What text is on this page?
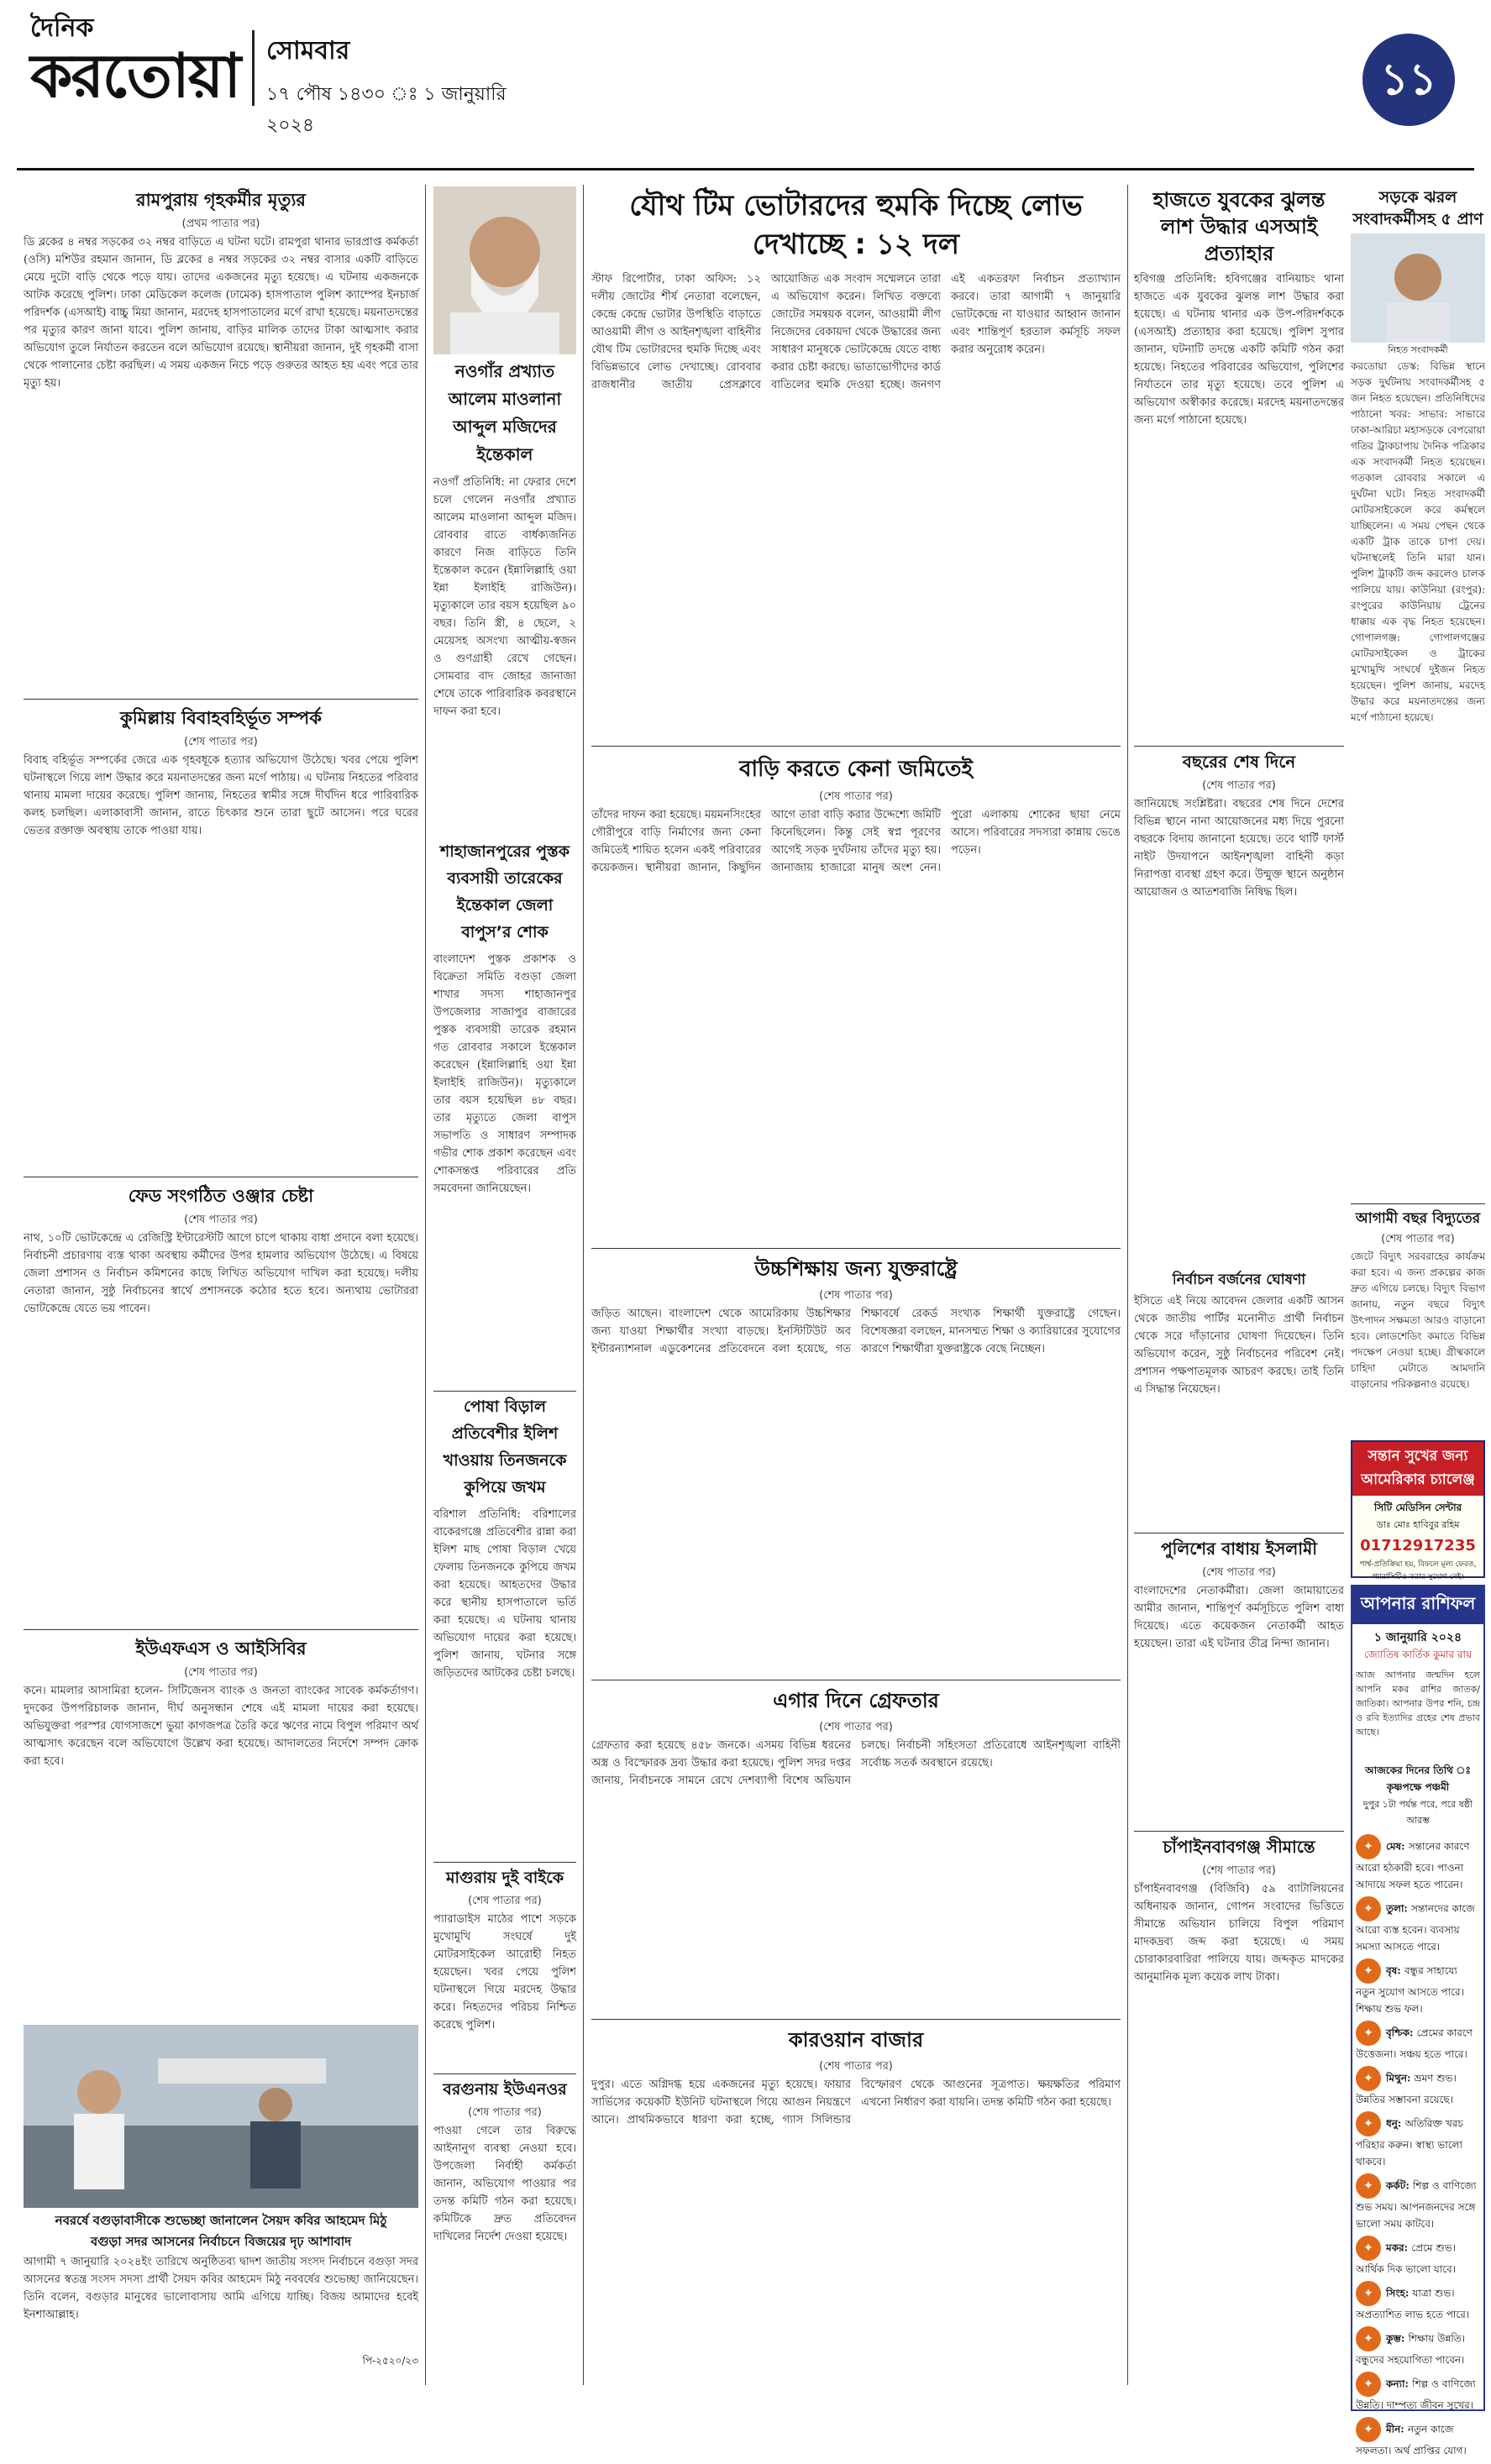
দৈনিক
করতোয়া সোমবার
১৭ পৌষ ১৪৩০ ঃ ১ জানুয়ারি ২০২৪
১১
রামপুরায় গৃহকর্মীর মৃত্যুর
(প্রথম পাতার পর)
ডি ব্লকের ৪ নম্বর সড়কের ৩২ নম্বর বাড়িতে এ ঘটনা ঘটে। রামপুরা থানার ভারপ্রাপ্ত কর্মকর্তা (ওসি) মশিউর রহমান জানান, ডি ব্লকের ৪ নম্বর সড়কের ৩২ নম্বর বাসার একটি বাড়িতে মেয়ে দুটো বাড়ি থেকে পড়ে যায়। তাদের একজনের মৃত্যু হয়েছে। এ ঘটনায় একজনকে আটক করেছে পুলিশ। ঢাকা মেডিকেল কলেজ (ঢামেক) হাসপাতাল পুলিশ ক্যাম্পের ইনচার্জ পরিদর্শক (এসআই) বাচ্চু মিয়া জানান, মরদেহ হাসপাতালের মর্গে রাখা হয়েছে। ময়নাতদন্তের পর মৃত্যুর কারণ জানা যাবে। পুলিশ জানায়, বাড়ির মালিক তাদের টাকা আত্মসাৎ করার অভিযোগ তুলে নির্যাতন করতেন বলে অভিযোগ রয়েছে। স্থানীয়রা জানান, দুই গৃহকর্মী বাসা থেকে পালানোর চেষ্টা করছিল। এ সময় একজন নিচে পড়ে গুরুতর আহত হয় এবং পরে তার মৃত্যু হয়।
কুমিল্লায় বিবাহবহির্ভূত সম্পর্ক
(শেষ পাতার পর)
বিবাহ বহির্ভূত সম্পর্কের জেরে এক গৃহবধূকে হত্যার অভিযোগ উঠেছে। খবর পেয়ে পুলিশ ঘটনাস্থলে গিয়ে লাশ উদ্ধার করে ময়নাতদন্তের জন্য মর্গে পাঠায়। এ ঘটনায় নিহতের পরিবার থানায় মামলা দায়ের করেছে। পুলিশ জানায়, নিহতের স্বামীর সঙ্গে দীর্ঘদিন ধরে পারিবারিক কলহ চলছিল। এলাকাবাসী জানান, রাতে চিৎকার শুনে তারা ছুটে আসেন। পরে ঘরের ভেতর রক্তাক্ত অবস্থায় তাকে পাওয়া যায়।
ফেড সংগঠিত ওঞ্জার চেষ্টা
(শেষ পাতার পর)
নাথ, ১০টি ভোটকেন্দ্রে এ রেজিস্ট্রি ইন্টারেস্টটি আগে চাপে থাকায় বাধা প্রদানে বলা হয়েছে। নির্বাচনী প্রচারণায় ব্যস্ত থাকা অবস্থায় কর্মীদের উপর হামলার অভিযোগ উঠেছে। এ বিষয়ে জেলা প্রশাসন ও নির্বাচন কমিশনের কাছে লিখিত অভিযোগ দাখিল করা হয়েছে। দলীয় নেতারা জানান, সুষ্ঠু নির্বাচনের স্বার্থে প্রশাসনকে কঠোর হতে হবে। অন্যথায় ভোটাররা ভোটকেন্দ্রে যেতে ভয় পাবেন।
ইউএফএস ও আইসিবির
(শেষ পাতার পর)
কনে। মামলার আসামিরা হলেন- সিটিজেনস ব্যাংক ও জনতা ব্যাংকের সাবেক কর্মকর্তাগণ। দুদকের উপপরিচালক জানান, দীর্ঘ অনুসন্ধান শেষে এই মামলা দায়ের করা হয়েছে। অভিযুক্তরা পরস্পর যোগসাজশে ভুয়া কাগজপত্র তৈরি করে ঋণের নামে বিপুল পরিমাণ অর্থ আত্মসাৎ করেছেন বলে অভিযোগে উল্লেখ করা হয়েছে। আদালতের নির্দেশে সম্পদ ক্রোক করা হবে।
নবরর্ষে বগুড়াবাসীকে শুভেচ্ছা জানালেন সৈয়দ কবির আহমেদ মিঠু
বগুড়া সদর আসনের নির্বাচনে বিজয়ের দৃঢ় আশাবাদ
আগামী ৭ জানুয়ারি ২০২৪ইং তারিখে অনুষ্ঠিতব্য দ্বাদশ জাতীয় সংসদ নির্বাচনে বগুড়া সদর আসনের স্বতন্ত্র সংসদ সদস্য প্রার্থী সৈয়দ কবির আহমেদ মিঠু নববর্ষের শুভেচ্ছা জানিয়েছেন। তিনি বলেন, বগুড়ার মানুষের ভালোবাসায় আমি এগিয়ে যাচ্ছি। বিজয় আমাদের হবেই ইনশাআল্লাহ।
পি-২৫২০/২৩
নওগাঁর প্রখ্যাত আলেম মাওলানা আব্দুল মজিদের ইন্তেকাল
নওগাঁ প্রতিনিধি: না ফেরার দেশে চলে গেলেন নওগাঁর প্রখ্যাত আলেম মাওলানা আব্দুল মজিদ। রোববার রাতে বার্ধক্যজনিত কারণে নিজ বাড়িতে তিনি ইন্তেকাল করেন (ইন্নালিল্লাহি ওয়া ইন্না ইলাইহি রাজিউন)। মৃত্যুকালে তার বয়স হয়েছিল ৯০ বছর। তিনি স্ত্রী, ৪ ছেলে, ২ মেয়েসহ অসংখ্য আত্মীয়-স্বজন ও গুণগ্রাহী রেখে গেছেন। সোমবার বাদ জোহর জানাজা শেষে তাকে পারিবারিক কবরস্থানে দাফন করা হবে।
শাহাজানপুরের পুস্তক ব্যবসায়ী তারেকের ইন্তেকাল জেলা বাপুস’র শোক
বাংলাদেশ পুস্তক প্রকাশক ও বিক্রেতা সমিতি বগুড়া জেলা শাখার সদস্য শাহাজানপুর উপজেলার সাজাপুর বাজারের পুস্তক ব্যবসায়ী তারেক রহমান গত রোববার সকালে ইন্তেকাল করেছেন (ইন্নালিল্লাহি ওয়া ইন্না ইলাইহি রাজিউন)। মৃত্যুকালে তার বয়স হয়েছিল ৪৮ বছর। তার মৃত্যুতে জেলা বাপুস সভাপতি ও সাধারণ সম্পাদক গভীর শোক প্রকাশ করেছেন এবং শোকসন্তপ্ত পরিবারের প্রতি সমবেদনা জানিয়েছেন।
পোষা বিড়াল প্রতিবেশীর ইলিশ খাওয়ায় তিনজনকে কুপিয়ে জখম
বরিশাল প্রতিনিধি: বরিশালের বাকেরগঞ্জে প্রতিবেশীর রান্না করা ইলিশ মাছ পোষা বিড়াল খেয়ে ফেলায় তিনজনকে কুপিয়ে জখম করা হয়েছে। আহতদের উদ্ধার করে স্থানীয় হাসপাতালে ভর্তি করা হয়েছে। এ ঘটনায় থানায় অভিযোগ দায়ের করা হয়েছে। পুলিশ জানায়, ঘটনার সঙ্গে জড়িতদের আটকের চেষ্টা চলছে।
মাগুরায় দুই বাইকে
(শেষ পাতার পর)
প্যারাডাইস মাঠের পাশে সড়কে মুখোমুখি সংঘর্ষে দুই মোটরসাইকেল আরোহী নিহত হয়েছেন। খবর পেয়ে পুলিশ ঘটনাস্থলে গিয়ে মরদেহ উদ্ধার করে। নিহতদের পরিচয় নিশ্চিত করেছে পুলিশ।
বরগুনায় ইউএনওর
(শেষ পাতার পর)
পাওয়া গেলে তার বিরুদ্ধে আইনানুগ ব্যবস্থা নেওয়া হবে। উপজেলা নির্বাহী কর্মকর্তা জানান, অভিযোগ পাওয়ার পর তদন্ত কমিটি গঠন করা হয়েছে। কমিটিকে দ্রুত প্রতিবেদন দাখিলের নির্দেশ দেওয়া হয়েছে।
যৌথ টিম ভোটারদের হুমকি দিচ্ছে লোভ দেখাচ্ছে : ১২ দল
স্টাফ রিপোর্টার, ঢাকা অফিস: ১২ দলীয় জোটের শীর্ষ নেতারা বলেছেন, কেন্দ্রে কেন্দ্রে ভোটার উপস্থিতি বাড়াতে আওয়ামী লীগ ও আইনশৃঙ্খলা বাহিনীর যৌথ টিম ভোটারদের হুমকি দিচ্ছে এবং বিভিন্নভাবে লোভ দেখাচ্ছে। রোববার রাজধানীর জাতীয় প্রেসক্লাবে আয়োজিত এক সংবাদ সম্মেলনে তারা এ অভিযোগ করেন। লিখিত বক্তব্যে জোটের সমন্বয়ক বলেন, আওয়ামী লীগ নিজেদের বেকায়দা থেকে উদ্ধারের জন্য সাধারণ মানুষকে ভোটকেন্দ্রে যেতে বাধ্য করার চেষ্টা করছে। ভাতাভোগীদের কার্ড বাতিলের হুমকি দেওয়া হচ্ছে। জনগণ এই একতরফা নির্বাচন প্রত্যাখ্যান করবে। তারা আগামী ৭ জানুয়ারি ভোটকেন্দ্রে না যাওয়ার আহ্বান জানান এবং শান্তিপূর্ণ হরতাল কর্মসূচি সফল করার অনুরোধ করেন।
বাড়ি করতে কেনা জমিতেই
(শেষ পাতার পর)
তাঁদের দাফন করা হয়েছে। ময়মনসিংহের গৌরীপুরে বাড়ি নির্মাণের জন্য কেনা জমিতেই শায়িত হলেন একই পরিবারের কয়েকজন। স্থানীয়রা জানান, কিছুদিন আগে তারা বাড়ি করার উদ্দেশ্যে জমিটি কিনেছিলেন। কিন্তু সেই স্বপ্ন পূরণের আগেই সড়ক দুর্ঘটনায় তাঁদের মৃত্যু হয়। জানাজায় হাজারো মানুষ অংশ নেন। পুরো এলাকায় শোকের ছায়া নেমে আসে। পরিবারের সদস্যরা কান্নায় ভেঙে পড়েন।
উচ্চশিক্ষায় জন্য যুক্তরাষ্ট্রে
(শেষ পাতার পর)
জড়িত আছেন। বাংলাদেশ থেকে আমেরিকায় উচ্চশিক্ষার জন্য যাওয়া শিক্ষার্থীর সংখ্যা বাড়ছে। ইনস্টিটিউট অব ইন্টারন্যাশনাল এডুকেশনের প্রতিবেদনে বলা হয়েছে, গত শিক্ষাবর্ষে রেকর্ড সংখ্যক শিক্ষার্থী যুক্তরাষ্ট্রে গেছেন। বিশেষজ্ঞরা বলছেন, মানসম্মত শিক্ষা ও ক্যারিয়ারের সুযোগের কারণে শিক্ষার্থীরা যুক্তরাষ্ট্রকে বেছে নিচ্ছেন।
এগার দিনে গ্রেফতার
(শেষ পাতার পর)
গ্রেফতার করা হয়েছে ৪৫৮ জনকে। এসময় বিভিন্ন ধরনের অস্ত্র ও বিস্ফোরক দ্রব্য উদ্ধার করা হয়েছে। পুলিশ সদর দপ্তর জানায়, নির্বাচনকে সামনে রেখে দেশব্যাপী বিশেষ অভিযান চলছে। নির্বাচনী সহিংসতা প্রতিরোধে আইনশৃঙ্খলা বাহিনী সর্বোচ্চ সতর্ক অবস্থানে রয়েছে।
কারওয়ান বাজার
(শেষ পাতার পর)
দুপুর। এতে অগ্নিদগ্ধ হয়ে একজনের মৃত্যু হয়েছে। ফায়ার সার্ভিসের কয়েকটি ইউনিট ঘটনাস্থলে গিয়ে আগুন নিয়ন্ত্রণে আনে। প্রাথমিকভাবে ধারণা করা হচ্ছে, গ্যাস সিলিন্ডার বিস্ফোরণ থেকে আগুনের সূত্রপাত। ক্ষয়ক্ষতির পরিমাণ এখনো নির্ধারণ করা যায়নি। তদন্ত কমিটি গঠন করা হয়েছে।
হাজতে যুবকের ঝুলন্ত লাশ উদ্ধার এসআই প্রত্যাহার
হবিগঞ্জ প্রতিনিধি: হবিগঞ্জের বানিয়াচং থানা হাজতে এক যুবকের ঝুলন্ত লাশ উদ্ধার করা হয়েছে। এ ঘটনায় থানার এক উপ-পরিদর্শককে (এসআই) প্রত্যাহার করা হয়েছে। পুলিশ সুপার জানান, ঘটনাটি তদন্তে একটি কমিটি গঠন করা হয়েছে। নিহতের পরিবারের অভিযোগ, পুলিশের নির্যাতনে তার মৃত্যু হয়েছে। তবে পুলিশ এ অভিযোগ অস্বীকার করেছে। মরদেহ ময়নাতদন্তের জন্য মর্গে পাঠানো হয়েছে।
বছরের শেষ দিনে
(শেষ পাতার পর)
জানিয়েছে সংশ্লিষ্টরা। বছরের শেষ দিনে দেশের বিভিন্ন স্থানে নানা আয়োজনের মধ্য দিয়ে পুরনো বছরকে বিদায় জানানো হয়েছে। তবে থার্টি ফার্স্ট নাইট উদযাপনে আইনশৃঙ্খলা বাহিনী কড়া নিরাপত্তা ব্যবস্থা গ্রহণ করে। উন্মুক্ত স্থানে অনুষ্ঠান আয়োজন ও আতশবাজি নিষিদ্ধ ছিল।
নির্বাচন বর্জনের ঘোষণা
ইসিতে এই নিয়ে আবেদন জেলার একটি আসন থেকে জাতীয় পার্টির মনোনীত প্রার্থী নির্বাচন থেকে সরে দাঁড়ানোর ঘোষণা দিয়েছেন। তিনি অভিযোগ করেন, সুষ্ঠু নির্বাচনের পরিবেশ নেই। প্রশাসন পক্ষপাতমূলক আচরণ করছে। তাই তিনি এ সিদ্ধান্ত নিয়েছেন।
পুলিশের বাধায় ইসলামী
(শেষ পাতার পর)
বাংলাদেশের নেতাকর্মীরা। জেলা জামায়াতের আমীর জানান, শান্তিপূর্ণ কর্মসূচিতে পুলিশ বাধা দিয়েছে। এতে কয়েকজন নেতাকর্মী আহত হয়েছেন। তারা এই ঘটনার তীব্র নিন্দা জানান।
চাঁপাইনবাবগঞ্জ সীমান্তে
(শেষ পাতার পর)
চাঁপাইনবাবগঞ্জ (বিজিবি) ৫৯ ব্যাটালিয়নের অধিনায়ক জানান, গোপন সংবাদের ভিত্তিতে সীমান্তে অভিযান চালিয়ে বিপুল পরিমাণ মাদকদ্রব্য জব্দ করা হয়েছে। এ সময় চোরাকারবারিরা পালিয়ে যায়। জব্দকৃত মাদকের আনুমানিক মূল্য কয়েক লাখ টাকা।
সড়কে ঝরল সংবাদকর্মীসহ ৫ প্রাণ
নিহত সংবাদকর্মী
করতোয়া ডেস্ক: বিভিন্ন স্থানে সড়ক দুর্ঘটনায় সংবাদকর্মীসহ ৫ জন নিহত হয়েছেন। প্রতিনিধিদের পাঠানো খবর: সাভার: সাভারে ঢাকা-আরিচা মহাসড়কে বেপরোয়া গতির ট্রাকচাপায় দৈনিক পত্রিকার এক সংবাদকর্মী নিহত হয়েছেন। গতকাল রোববার সকালে এ দুর্ঘটনা ঘটে। নিহত সংবাদকর্মী মোটরসাইকেলে করে কর্মস্থলে যাচ্ছিলেন। এ সময় পেছন থেকে একটি ট্রাক তাকে চাপা দেয়। ঘটনাস্থলেই তিনি মারা যান। পুলিশ ট্রাকটি জব্দ করলেও চালক পালিয়ে যায়। কাউনিয়া (রংপুর): রংপুরের কাউনিয়ায় ট্রেনের ধাক্কায় এক বৃদ্ধ নিহত হয়েছেন। গোপালগঞ্জ: গোপালগঞ্জের মোটরসাইকেল ও ট্রাকের মুখোমুখি সংঘর্ষে দুইজন নিহত হয়েছেন। পুলিশ জানায়, মরদেহ উদ্ধার করে ময়নাতদন্তের জন্য মর্গে পাঠানো হয়েছে।
আগামী বছর বিদ্যুতের
(শেষ পাতার পর)
জেটে বিদ্যুৎ সরবরাহের কার্যক্রম করা হবে। এ জন্য প্রকল্পের কাজ দ্রুত এগিয়ে চলছে। বিদ্যুৎ বিভাগ জানায়, নতুন বছরে বিদ্যুৎ উৎপাদন সক্ষমতা আরও বাড়ানো হবে। লোডশেডিং কমাতে বিভিন্ন পদক্ষেপ নেওয়া হচ্ছে। গ্রীষ্মকালে চাহিদা মেটাতে আমদানি বাড়ানোর পরিকল্পনাও রয়েছে।
সন্তান সুখের জন্য আমেরিকার চ্যালেঞ্জ
সিটি মেডিসিন সেন্টার
ডাঃ মোঃ হাবিবুর রহিম
01712917235
পার্শ্ব-প্রতিক্রিয়া হয়, বিফলে মূল্য ফেরত, প্যারাসিটিও করার সুযোগ নেই।
আপনার রাশিফল
১ জানুয়ারি ২০২৪
জ্যোতিষ কার্তিক কুমার রায়
আজ আপনার জন্মদিন হলে আপনি মকর রাশির জাতক/জাতিকা। আপনার উপর শনি, চন্দ্র ও রবি ইত্যাদির গ্রহের শেষ প্রভাব আছে।
আজকের দিনের তিথি ঃ কৃষ্ণপক্ষে পঞ্চমী
দুপুর ১টা পর্যন্ত পরে, পরে ষষ্ঠী আরম্ভ
✦ মেষ: সন্তানের কারণে আরো হঠকারী হবে। পাওনা আদায়ে সফল হতে পারেন।
✦ তুলা: সন্তানদের কাজে আরো ব্যস্ত হবেন। ব্যবসায় সমস্যা আসতে পারে।
✦ বৃষ: বন্ধুর সাহায্যে নতুন সুযোগ আসতে পারে। শিক্ষায় শুভ ফল।
✦ বৃশ্চিক: প্রেমের কারণে উত্তেজনা। সঞ্চয় হতে পারে।
✦ মিথুন: ভ্রমণ শুভ। উন্নতির সম্ভাবনা রয়েছে।
✦ ধনু: অতিরিক্ত খরচ পরিহার করুন। স্বাস্থ্য ভালো থাকবে।
✦ কর্কট: শিল্প ও বাণিজ্যে শুভ সময়। আপনজনদের সঙ্গে ভালো সময় কাটবে।
✦ মকর: প্রেমে শুভ। আর্থিক দিক ভালো যাবে।
✦ সিংহ: যাত্রা শুভ। অপ্রত্যাশিত লাভ হতে পারে।
✦ কুম্ভ: শিক্ষায় উন্নতি। বন্ধুদের সহযোগিতা পাবেন।
✦ কন্যা: শিল্প ও বাণিজ্যে উন্নতি। দাম্পত্য জীবন সুখের।
✦ মীন: নতুন কাজে সফলতা। অর্থ প্রাপ্তির যোগ।
